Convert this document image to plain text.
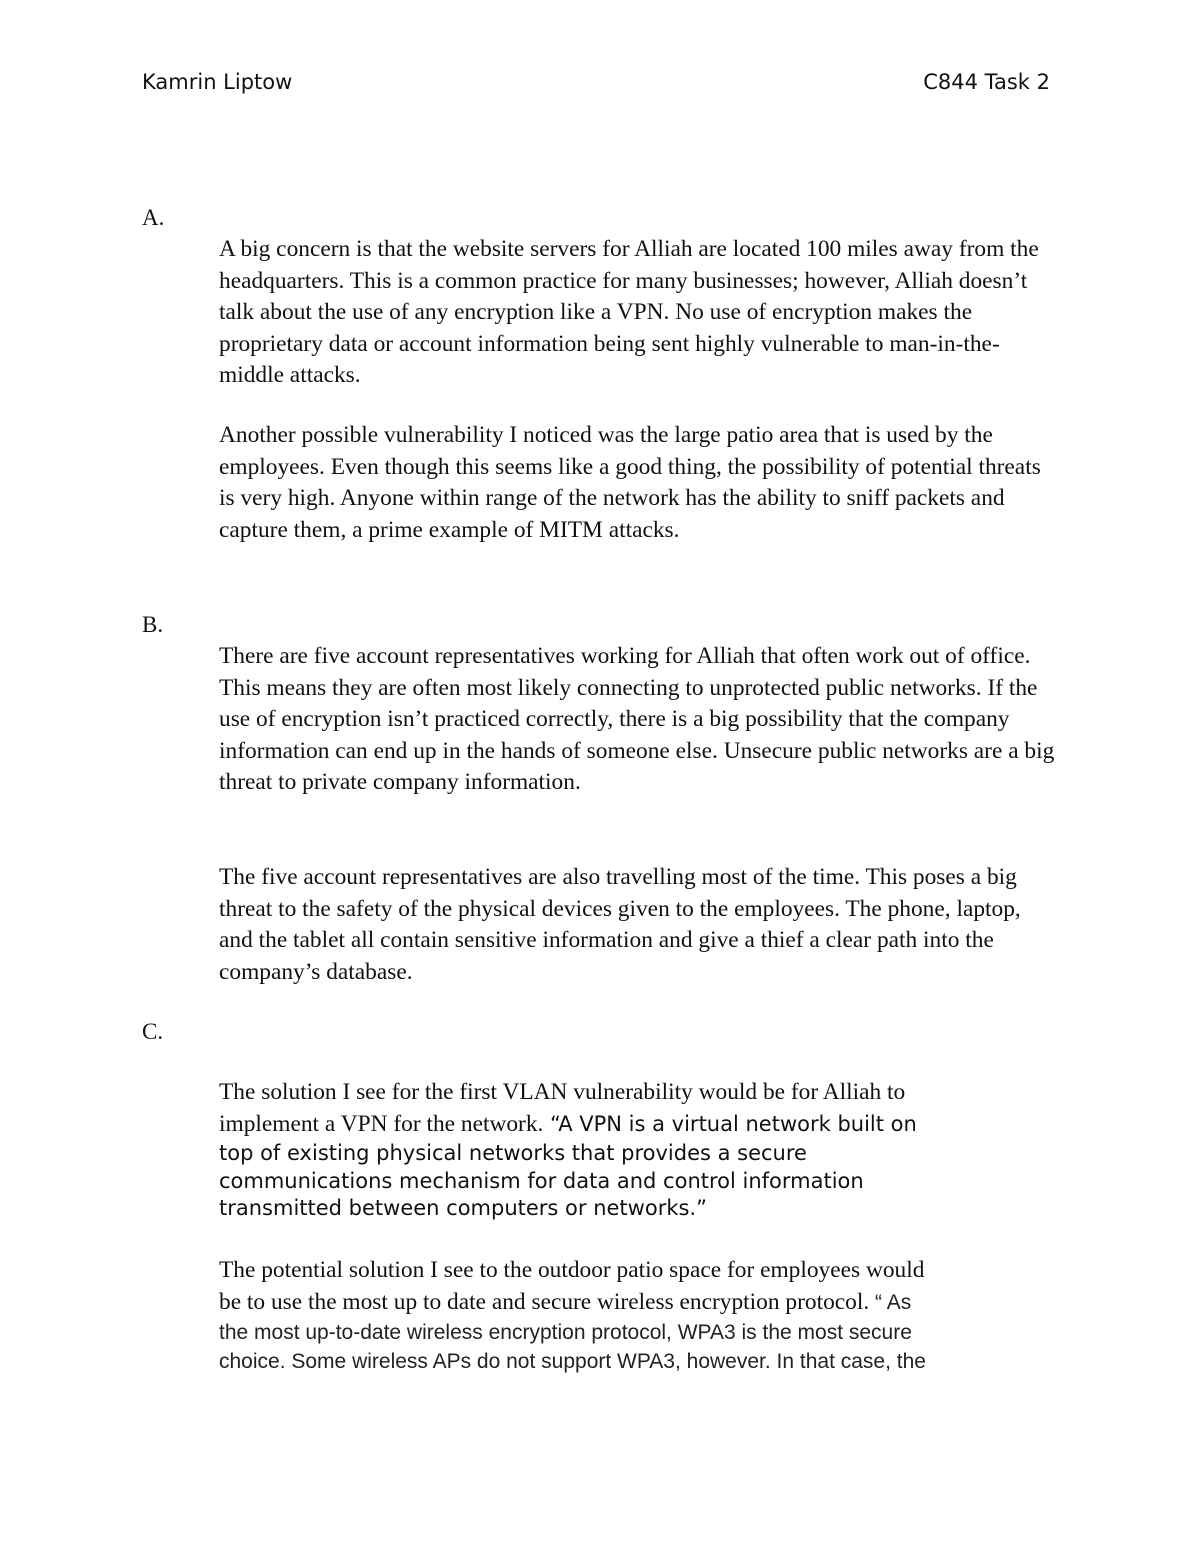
Kamrin Liptow	C844 Task 2
A.

A big concern is that the website servers for Alliah are located 100 miles away from the headquarters. This is a common practice for many businesses; however, Alliah doesn’t talk about the use of any encryption like a VPN. No use of encryption makes the proprietary data or account information being sent highly vulnerable to man-in-the-middle attacks.

Another possible vulnerability I noticed was the large patio area that is used by the employees. Even though this seems like a good thing, the possibility of potential threats is very high. Anyone within range of the network has the ability to sniff packets and capture them, a prime example of MITM attacks.

B.

There are five account representatives working for Alliah that often work out of office. This means they are often most likely connecting to unprotected public networks. If the use of encryption isn’t practiced correctly, there is a big possibility that the company information can end up in the hands of someone else. Unsecure public networks are a big threat to private company information.

The five account representatives are also travelling most of the time. This poses a big threat to the safety of the physical devices given to the employees. The phone, laptop, and the tablet all contain sensitive information and give a thief a clear path into the company’s database.

C.
The solution I see for the first VLAN vulnerability would be for Alliah to
implement a VPN for the network. “A VPN is a virtual network built on
top of existing physical networks that provides a secure
communications mechanism for data and control information
transmitted between computers or networks.”
The potential solution I see to the outdoor patio space for employees would
be to use the most up to date and secure wireless encryption protocol. “ As
the most up-to-date wireless encryption protocol, WPA3 is the most secure
choice. Some wireless APs do not support WPA3, however. In that case, the
